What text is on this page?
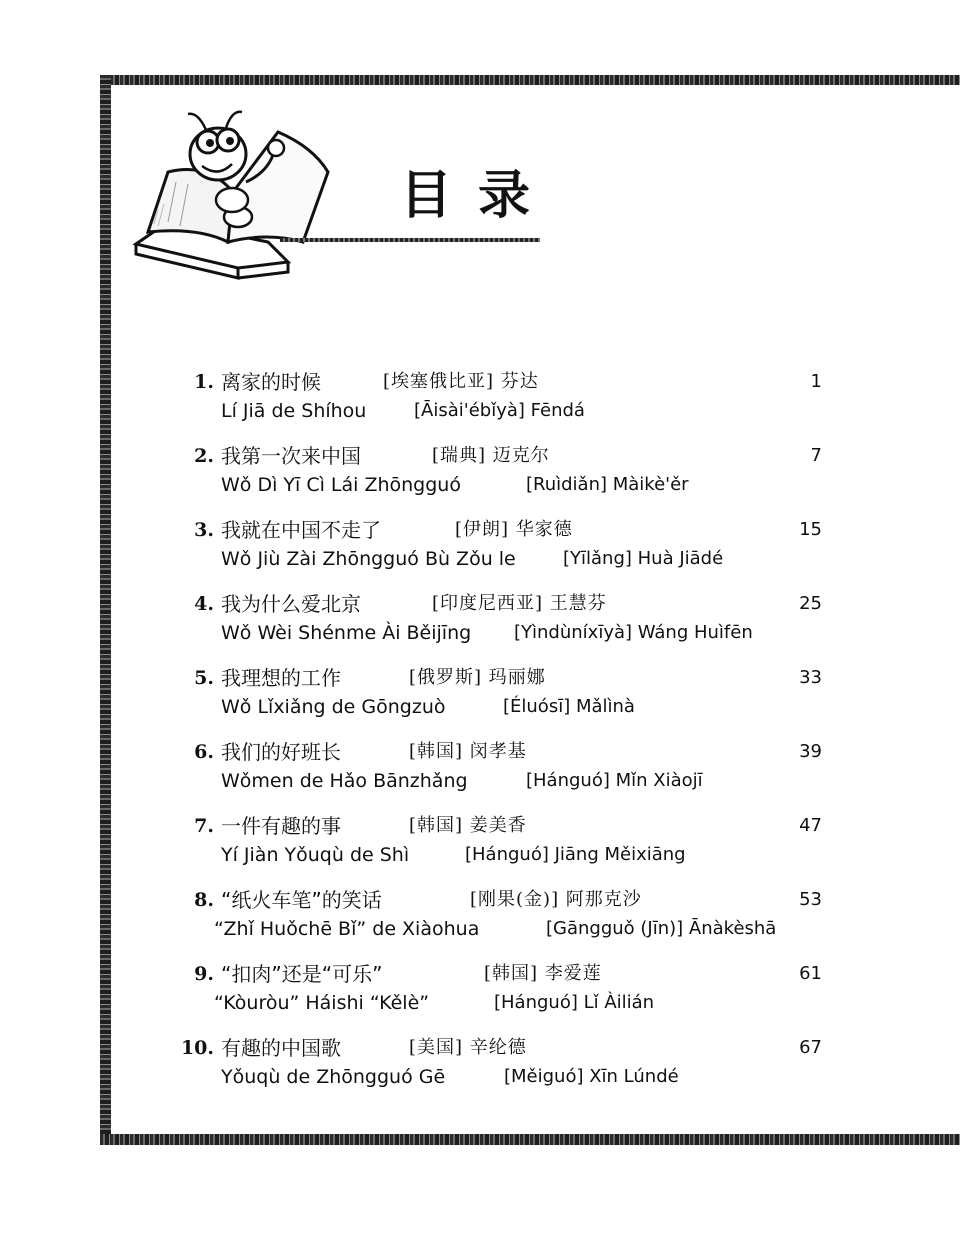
目录
1. 离家的时候	[埃塞俄比亚] 芬达
Lí Jiā de Shíhou	[Āisài'ébǐyà] Fēndá
1
2. 我第一次来中国	[瑞典] 迈克尔
Wǒ Dì Yī Cì Lái Zhōngguó	[Ruìdiǎn] Màikè'ěr
7
3. 我就在中国不走了	[伊朗] 华家德
Wǒ Jiù Zài Zhōngguó Bù Zǒu le	[Yīlǎng] Huà Jiādé
15
4. 我为什么爱北京	[印度尼西亚] 王慧芬
Wǒ Wèi Shénme Ài Běijīng [Yìndùníxīyà] Wáng Huìfēn
25
5. 我理想的工作	[俄罗斯] 玛丽娜
Wǒ Lǐxiǎng de Gōngzuò	[Éluósī] Mǎlìnà
33
6. 我们的好班长	[韩国] 闵孝基
Wǒmen de Hǎo Bānzhǎng	[Hánguó] Mǐn Xiàojī
39
7. 一件有趣的事	[韩国] 姜美香
Yí Jiàn Yǒuqù de Shì	[Hánguó] Jiāng Měixiāng
47
8. “纸火车笔”的笑话	[刚果(金)] 阿那克沙
“Zhǐ Huǒchē Bǐ” de Xiàohua	[Gāngguǒ (Jīn)] Ānàkèshā
53
9. “扣肉”还是“可乐”	[韩国] 李爱莲
“Kòuròu” Háishi “Kělè”	[Hánguó] Lǐ Àilián
61
10. 有趣的中国歌	[美国] 辛纶德
Yǒuqù de Zhōngguó Gē	[Měiguó] Xīn Lúndé
67
